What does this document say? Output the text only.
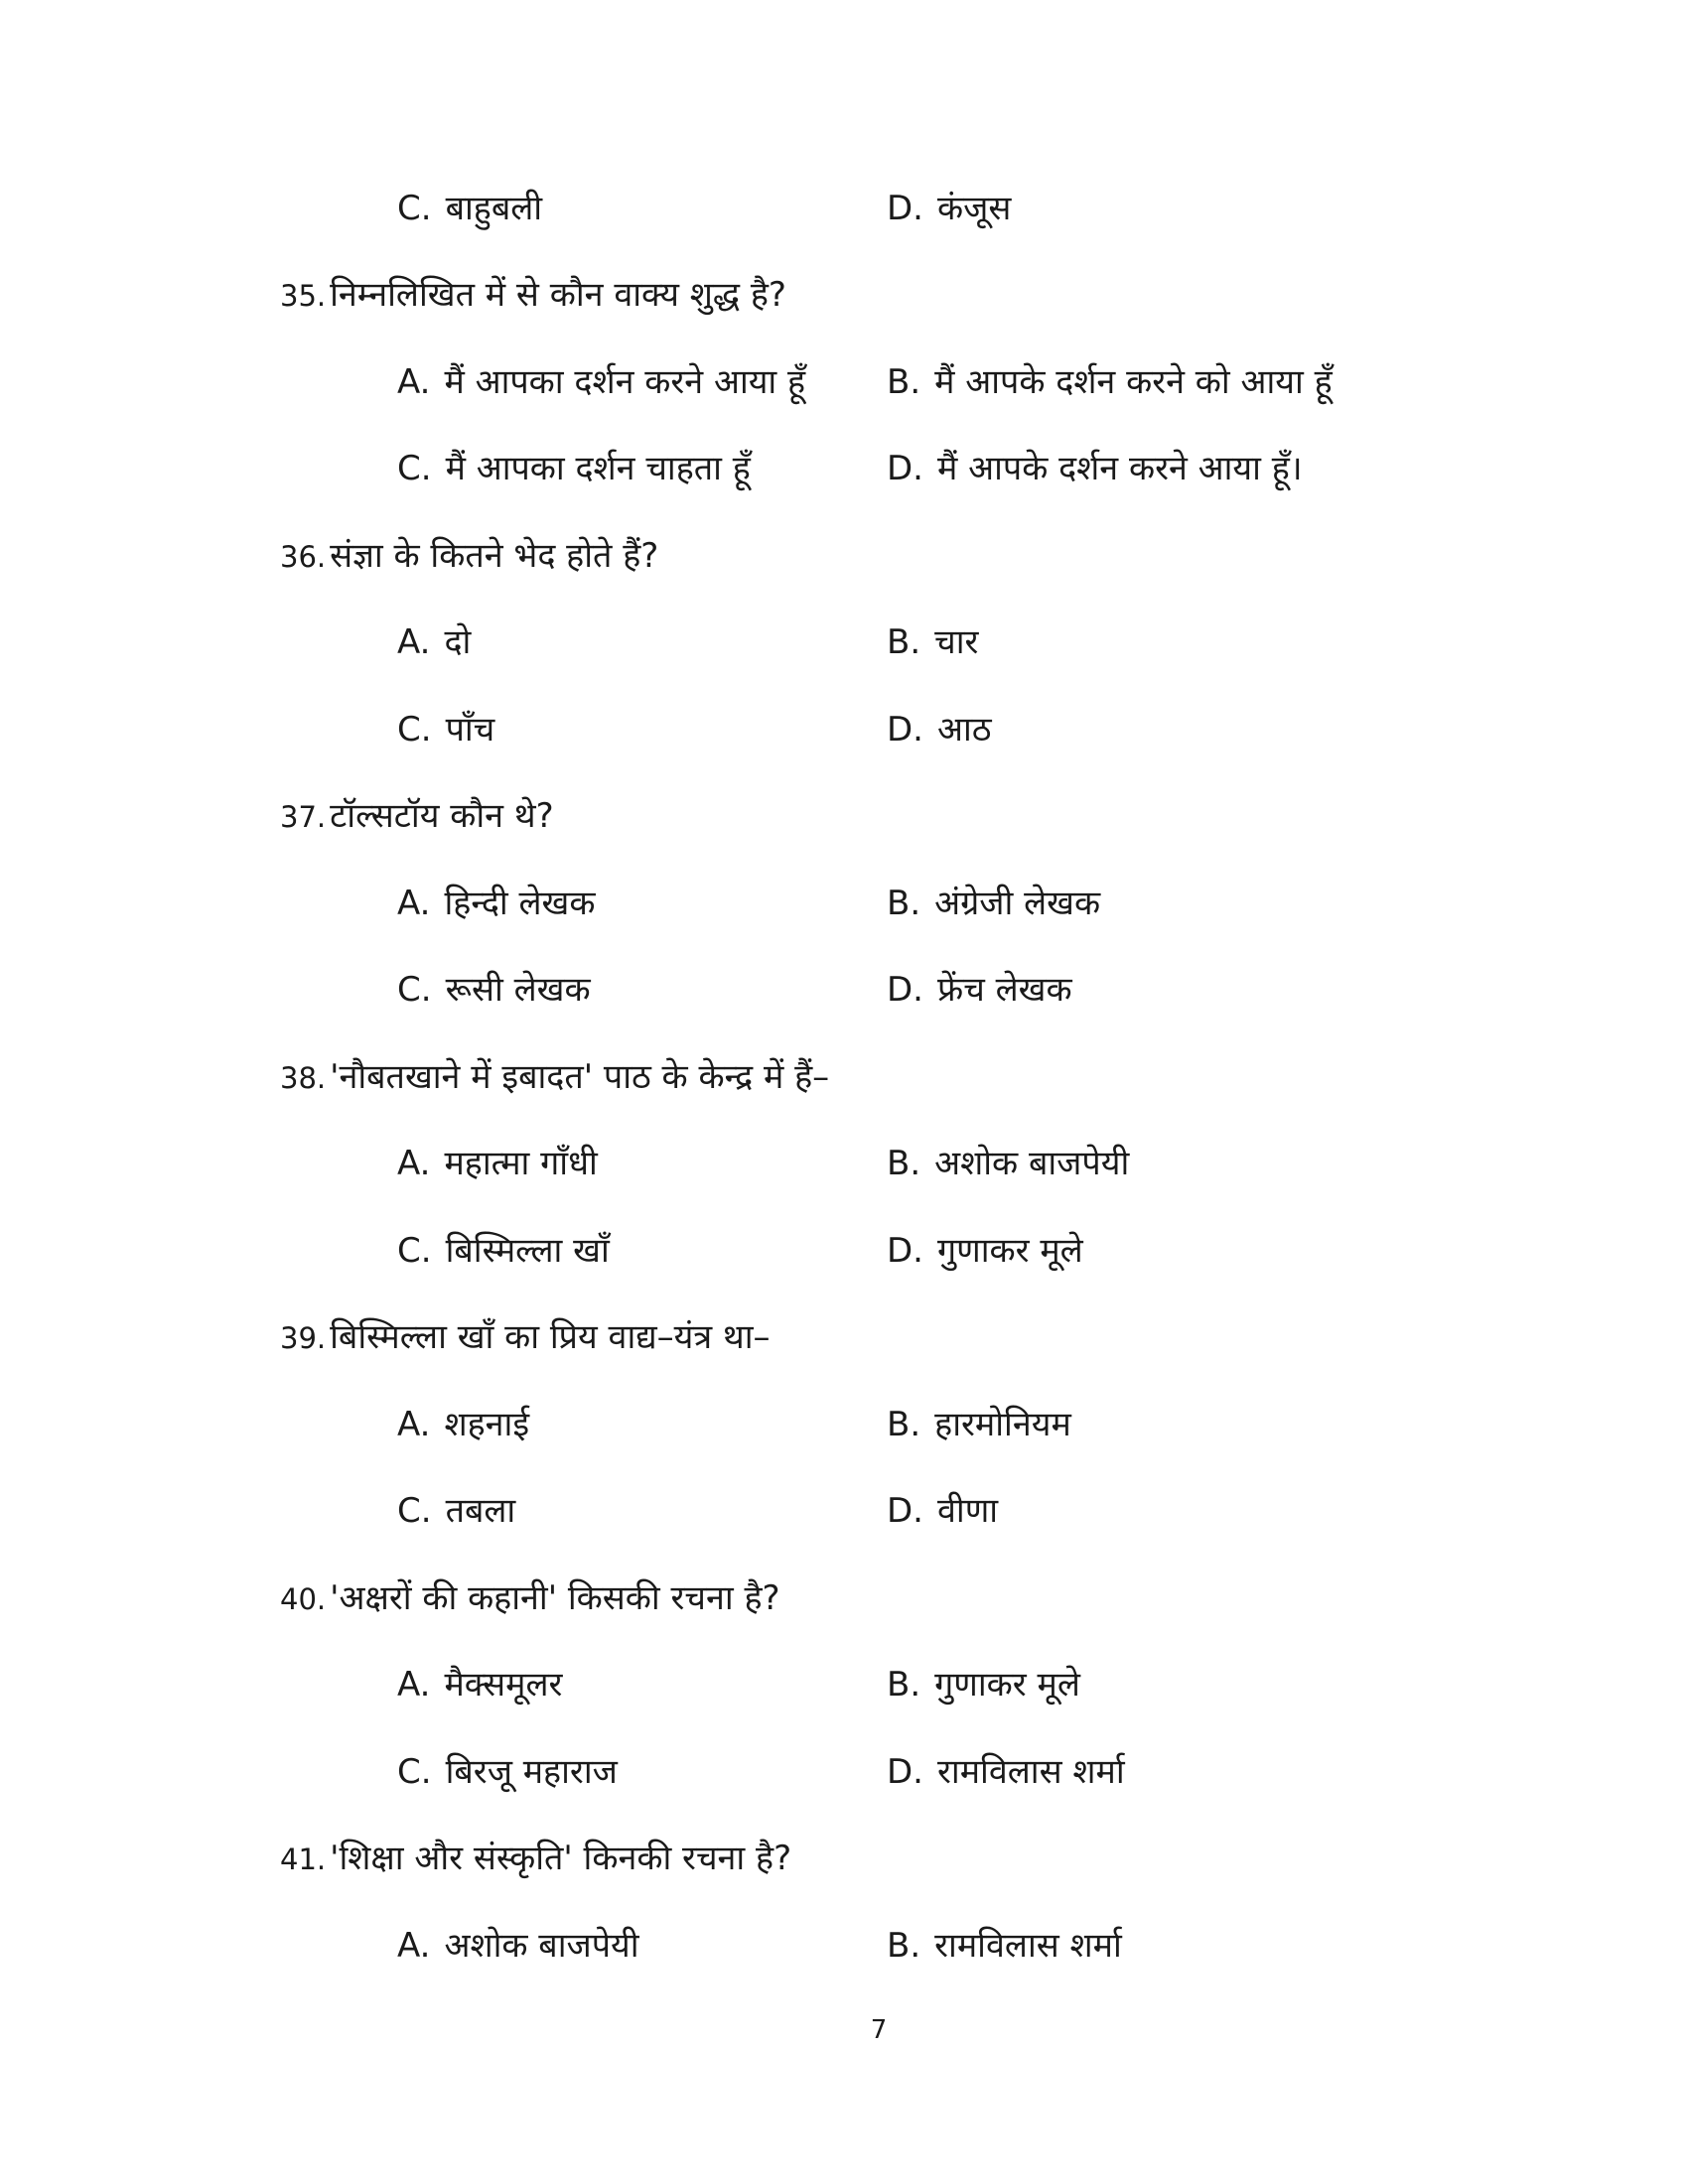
C. बाहुबली	D. कंजूस
35. निम्नलिखित में से कौन वाक्य शुद्ध है?
A. मैं आपका दर्शन करने आया हूँ B. मैं आपके दर्शन करने को आया हूँ
C. मैं आपका दर्शन चाहता हूँ	D. मैं आपके दर्शन करने आया हूँ।
36. संज्ञा के कितने भेद होते हैं?
A. दो	B. चार
C. पाँच	D. आठ
37. टॉल्सटॉय कौन थे?
A. हिन्दी लेखक	B. अंग्रेजी लेखक
C. रूसी लेखक	D. फ्रेंच लेखक
38. 'नौबतखाने में इबादत' पाठ के केन्द्र में हैं–
A. महात्मा गाँधी	B. अशोक बाजपेयी
C. बिस्मिल्ला खाँ	D. गुणाकर मूले
39. बिस्मिल्ला खाँ का प्रिय वाद्य–यंत्र था–
A. शहनाई	B. हारमोनियम
C. तबला	D. वीणा
40. 'अक्षरों की कहानी' किसकी रचना है?
A. मैक्समूलर	B. गुणाकर मूले
C. बिरजू महाराज	D. रामविलास शर्मा
41. 'शिक्षा और संस्कृति' किनकी रचना है?
A. अशोक बाजपेयी	B. रामविलास शर्मा
7
